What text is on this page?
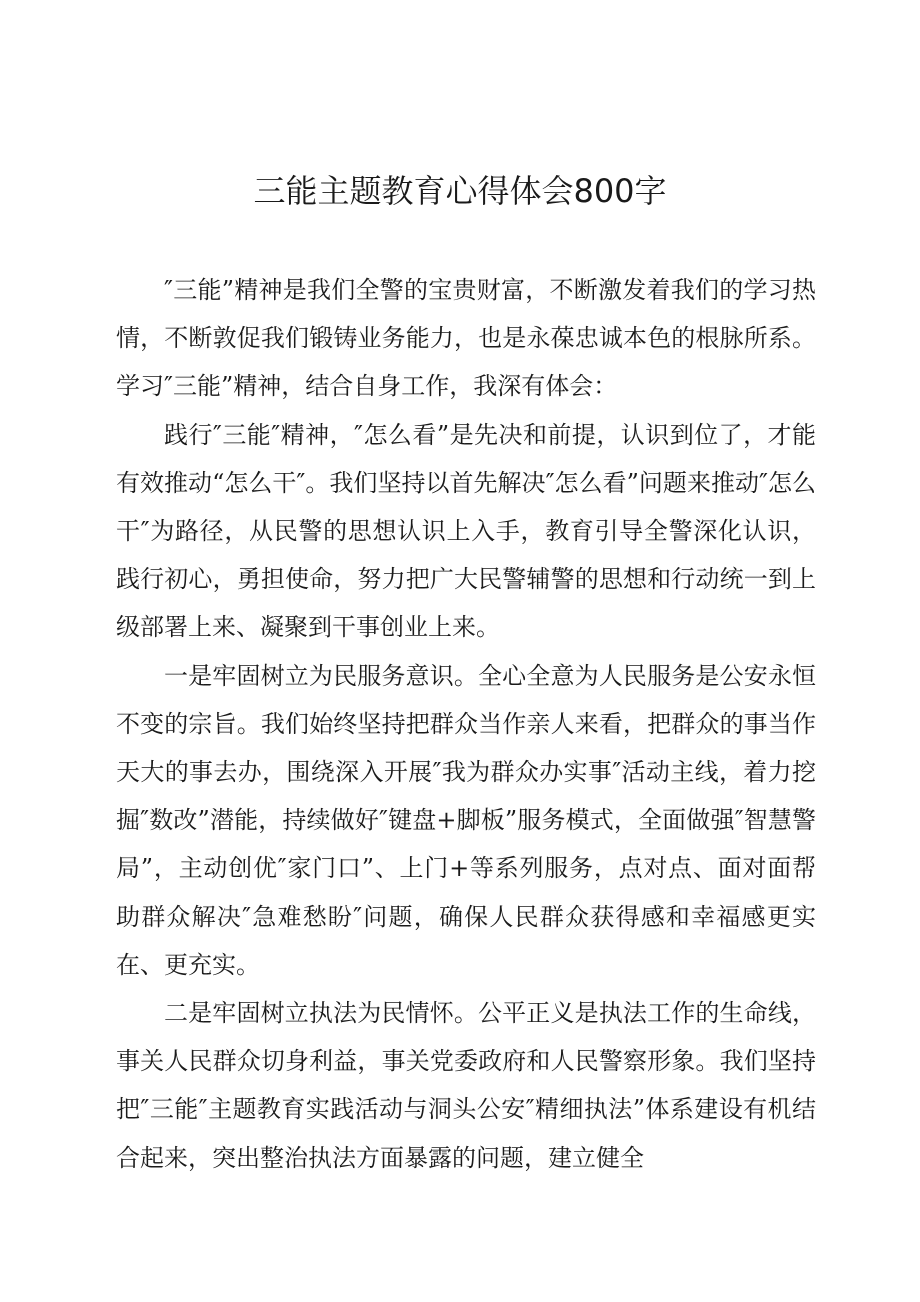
三能主题教育心得体会800字

″三能”精神是我们全警的宝贵财富，不断激发着我们的学习热情，不断敦促我们锻铸业务能力，也是永葆忠诚本色的根脉所系。学习″三能”精神，结合自身工作，我深有体会：

践行″三能″精神，″怎么看”是先决和前提，认识到位了，才能有效推动“怎么干″。我们坚持以首先解决″怎么看”问题来推动″怎么干″为路径，从民警的思想认识上入手，教育引导全警深化认识，践行初心，勇担使命，努力把广大民警辅警的思想和行动统一到上级部署上来、凝聚到干事创业上来。

一是牢固树立为民服务意识。全心全意为人民服务是公安永恒不变的宗旨。我们始终坚持把群众当作亲人来看，把群众的事当作天大的事去办，围绕深入开展″我为群众办实事″活动主线，着力挖掘″数改”潜能，持续做好″键盘+脚板”服务模式，全面做强″智慧警局”，主动创优″家门口”、上门+等系列服务，点对点、面对面帮助群众解决″急难愁盼″问题，确保人民群众获得感和幸福感更实在、更充实。

二是牢固树立执法为民情怀。公平正义是执法工作的生命线，事关人民群众切身利益，事关党委政府和人民警察形象。我们坚持把″三能″主题教育实践活动与洞头公安″精细执法”体系建设有机结合起来，突出整治执法方面暴露的问题，建立健全
